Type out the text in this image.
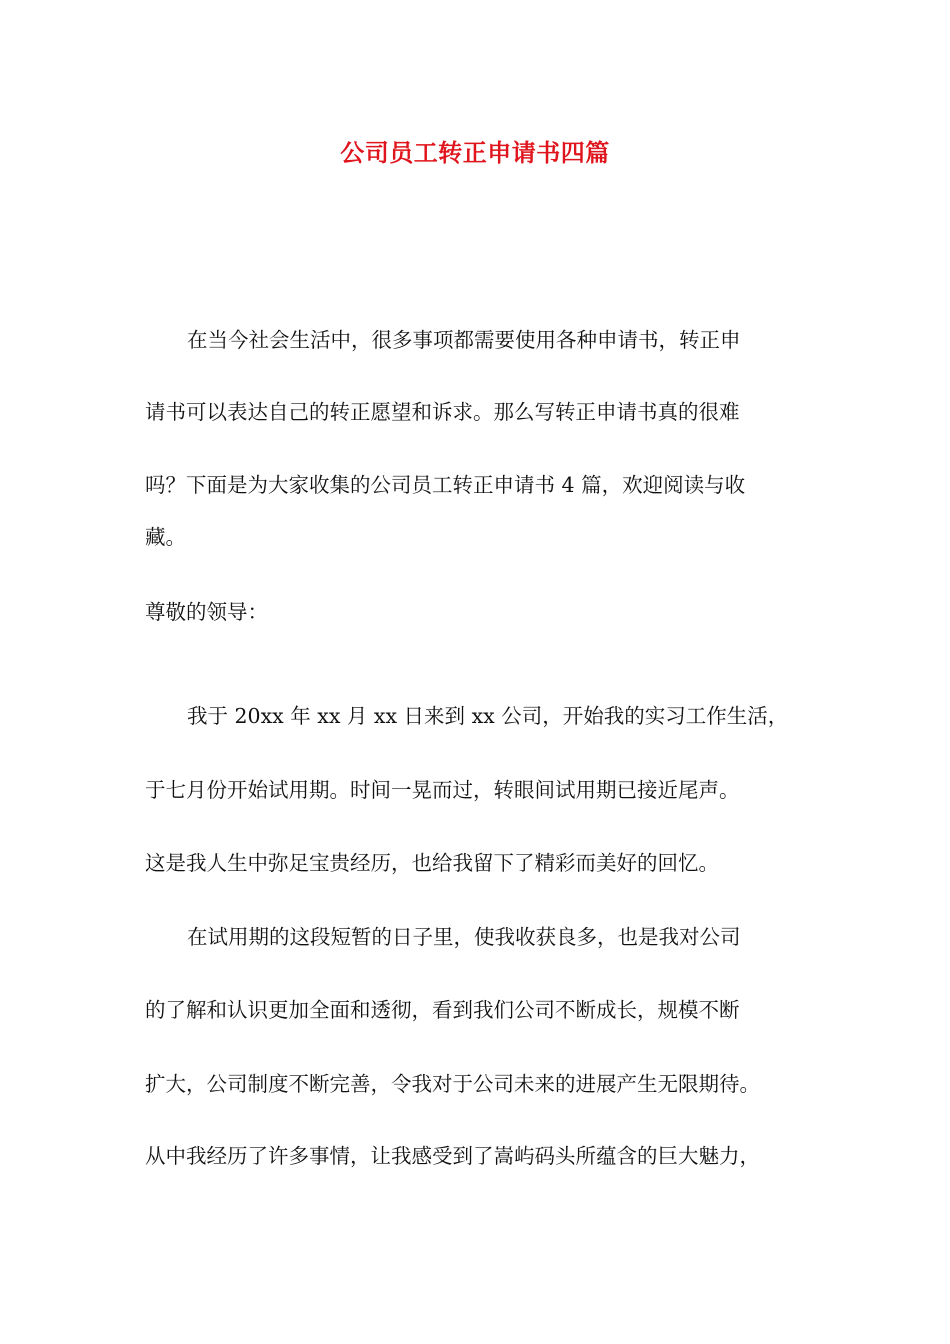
公司员工转正申请书四篇

在当今社会生活中，很多事项都需要使用各种申请书，转正申

请书可以表达自己的转正愿望和诉求。那么写转正申请书真的很难

吗？下面是为大家收集的公司员工转正申请书 4 篇，欢迎阅读与收

藏。

尊敬的领导：

我于 20xx 年 xx 月 xx 日来到 xx 公司，开始我的实习工作生活，

于七月份开始试用期。时间一晃而过，转眼间试用期已接近尾声。

这是我人生中弥足宝贵经历，也给我留下了精彩而美好的回忆。

在试用期的这段短暂的日子里，使我收获良多，也是我对公司

的了解和认识更加全面和透彻，看到我们公司不断成长，规模不断

扩大，公司制度不断完善，令我对于公司未来的进展产生无限期待。

从中我经历了许多事情，让我感受到了嵩屿码头所蕴含的巨大魅力，
